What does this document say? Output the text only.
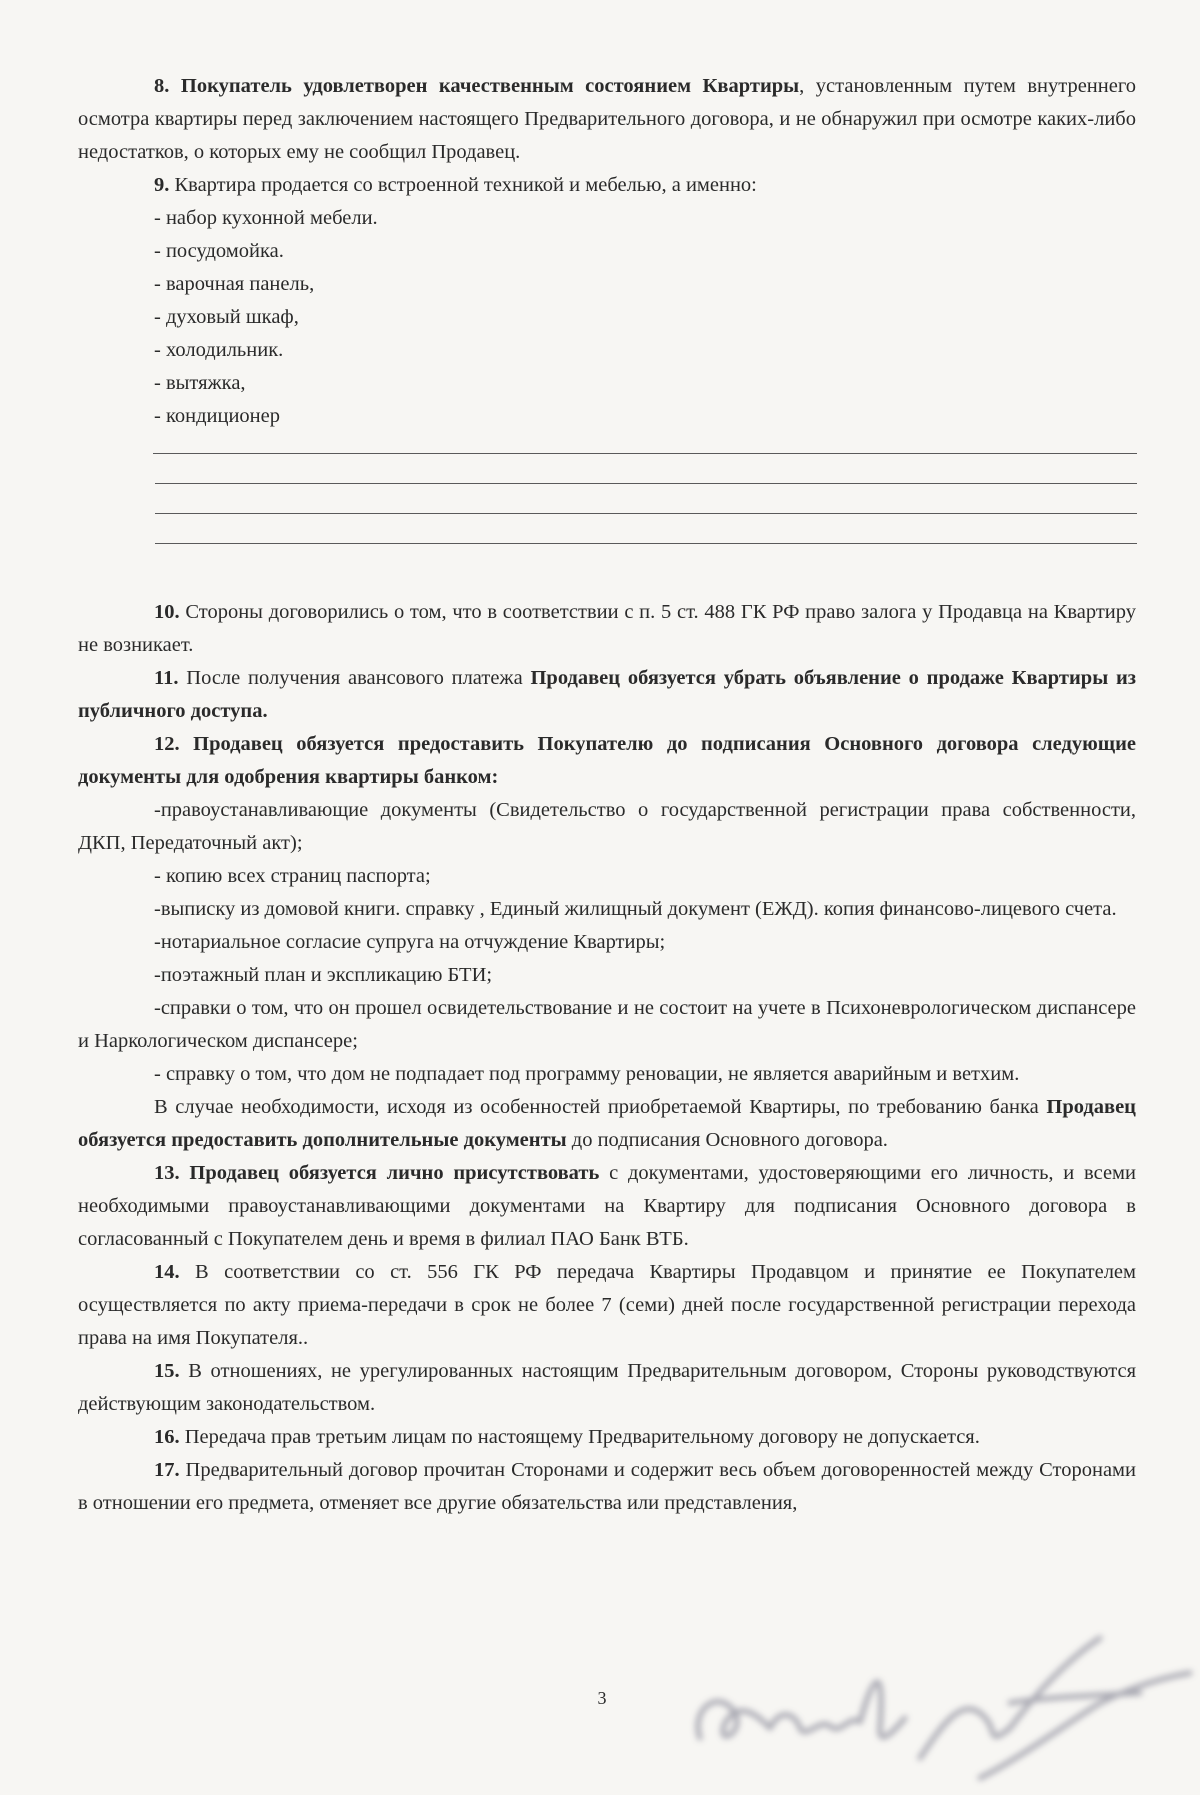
8. Покупатель удовлетворен качественным состоянием Квартиры, установленным путем внутреннего осмотра квартиры перед заключением настоящего Предварительного договора, и не обнаружил при осмотре каких-либо недостатков, о которых ему не сообщил Продавец.

9. Квартира продается со встроенной техникой и мебелью, а именно:

- набор кухонной мебели.

- посудомойка.

- варочная панель,

- духовый шкаф,

- холодильник.

- вытяжка,

- кондиционер

10. Стороны договорились о том, что в соответствии с п. 5 ст. 488 ГК РФ право залога у Продавца на Квартиру не возникает.

11. После получения авансового платежа Продавец обязуется убрать объявление о продаже Квартиры из публичного доступа.

12. Продавец обязуется предоставить Покупателю до подписания Основного договора следующие документы для одобрения квартиры банком:

-правоустанавливающие документы (Свидетельство о государственной регистрации права собственности, ДКП, Передаточный акт);

- копию всех страниц паспорта;

-выписку из домовой книги. справку , Единый жилищный документ (ЕЖД). копия финансово-лицевого счета.

-нотариальное согласие супруга на отчуждение Квартиры;

-поэтажный план и экспликацию БТИ;

-справки о том, что он прошел освидетельствование и не состоит на учете в Психоневрологическом диспансере и Наркологическом диспансере;

- справку о том, что дом не подпадает под программу реновации, не является аварийным и ветхим.

В случае необходимости, исходя из особенностей приобретаемой Квартиры, по требованию банка Продавец обязуется предоставить дополнительные документы до подписания Основного договора.

13. Продавец обязуется лично присутствовать с документами, удостоверяющими его личность, и всеми необходимыми правоустанавливающими документами на Квартиру для подписания Основного договора в согласованный с Покупателем день и время в филиал ПАО Банк ВТБ.

14. В соответствии со ст. 556 ГК РФ передача Квартиры Продавцом и принятие ее Покупателем осуществляется по акту приема-передачи в срок не более 7 (семи) дней после государственной регистрации перехода права на имя Покупателя..

15. В отношениях, не урегулированных настоящим Предварительным договором, Стороны руководствуются действующим законодательством.

16. Передача прав третьим лицам по настоящему Предварительному договору не допускается.

17. Предварительный договор прочитан Сторонами и содержит весь объем договоренностей между Сторонами в отношении его предмета, отменяет все другие обязательства или представления,

3
